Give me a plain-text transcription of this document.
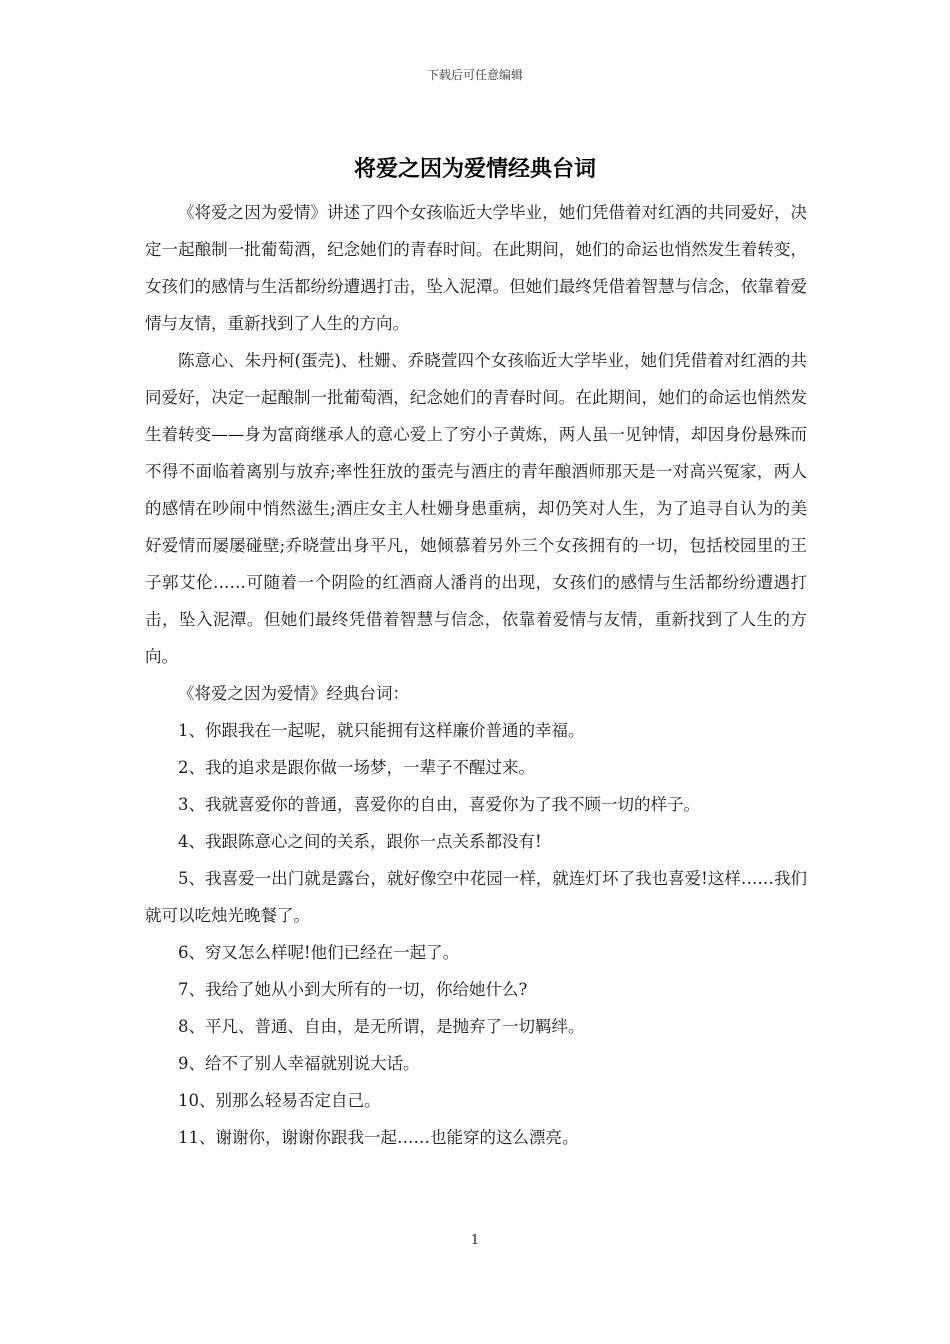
下载后可任意编辑
将爱之因为爱情经典台词

《将爱之因为爱情》讲述了四个女孩临近大学毕业，她们凭借着对红酒的共同爱好，决定一起酿制一批葡萄酒，纪念她们的青春时间。在此期间，她们的命运也悄然发生着转变，女孩们的感情与生活都纷纷遭遇打击，坠入泥潭。但她们最终凭借着智慧与信念，依靠着爱情与友情，重新找到了人生的方向。

陈意心、朱丹柯(蛋壳)、杜姗、乔晓萱四个女孩临近大学毕业，她们凭借着对红酒的共同爱好，决定一起酿制一批葡萄酒，纪念她们的青春时间。在此期间，她们的命运也悄然发生着转变——身为富商继承人的意心爱上了穷小子黄炼，两人虽一见钟情，却因身份悬殊而不得不面临着离别与放弃;率性狂放的蛋壳与酒庄的青年酿酒师那天是一对高兴冤家，两人的感情在吵闹中悄然滋生;酒庄女主人杜姗身患重病，却仍笑对人生，为了追寻自认为的美好爱情而屡屡碰壁;乔晓萱出身平凡，她倾慕着另外三个女孩拥有的一切，包括校园里的王子郭艾伦……可随着一个阴险的红酒商人潘肖的出现，女孩们的感情与生活都纷纷遭遇打击，坠入泥潭。但她们最终凭借着智慧与信念，依靠着爱情与友情，重新找到了人生的方向。

《将爱之因为爱情》经典台词：

1、你跟我在一起呢，就只能拥有这样廉价普通的幸福。

2、我的追求是跟你做一场梦，一辈子不醒过来。

3、我就喜爱你的普通，喜爱你的自由，喜爱你为了我不顾一切的样子。

4、我跟陈意心之间的关系，跟你一点关系都没有!

5、我喜爱一出门就是露台，就好像空中花园一样，就连灯坏了我也喜爱!这样……我们就可以吃烛光晚餐了。

6、穷又怎么样呢!他们已经在一起了。

7、我给了她从小到大所有的一切，你给她什么?

8、平凡、普通、自由，是无所谓，是抛弃了一切羁绊。

9、给不了别人幸福就别说大话。

10、别那么轻易否定自己。

11、谢谢你，谢谢你跟我一起……也能穿的这么漂亮。

1
